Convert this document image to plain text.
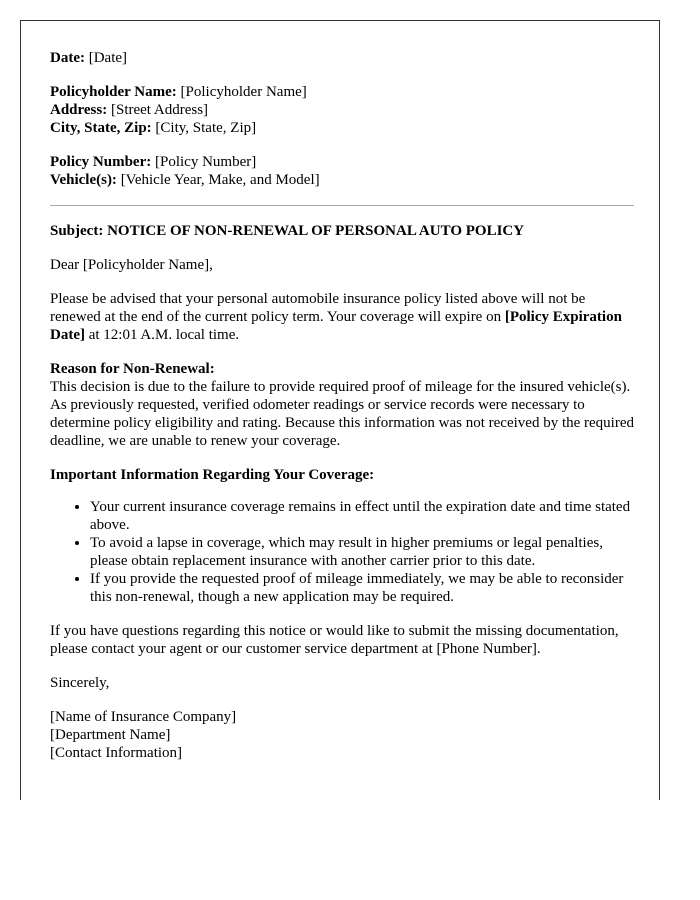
Date: [Date]

Policyholder Name: [Policyholder Name]

Address: [Street Address]

City, State, Zip: [City, State, Zip]

Policy Number: [Policy Number]

Vehicle(s): [Vehicle Year, Make, and Model]

Subject: NOTICE OF NON-RENEWAL OF PERSONAL AUTO POLICY

Dear [Policyholder Name],

Please be advised that your personal automobile insurance policy listed above will not be renewed at the end of the current policy term. Your coverage will expire on [Policy Expiration Date] at 12:01 A.M. local time.

Reason for Non-Renewal:

This decision is due to the failure to provide required proof of mileage for the insured vehicle(s). As previously requested, verified odometer readings or service records were necessary to determine policy eligibility and rating. Because this information was not received by the required deadline, we are unable to renew your coverage.

Important Information Regarding Your Coverage:

• Your current insurance coverage remains in effect until the expiration date and time stated above.
• To avoid a lapse in coverage, which may result in higher premiums or legal penalties, please obtain replacement insurance with another carrier prior to this date.
• If you provide the requested proof of mileage immediately, we may be able to reconsider this non-renewal, though a new application may be required.

If you have questions regarding this notice or would like to submit the missing documentation, please contact your agent or our customer service department at [Phone Number].

Sincerely,

[Name of Insurance Company]

[Department Name]

[Contact Information]
